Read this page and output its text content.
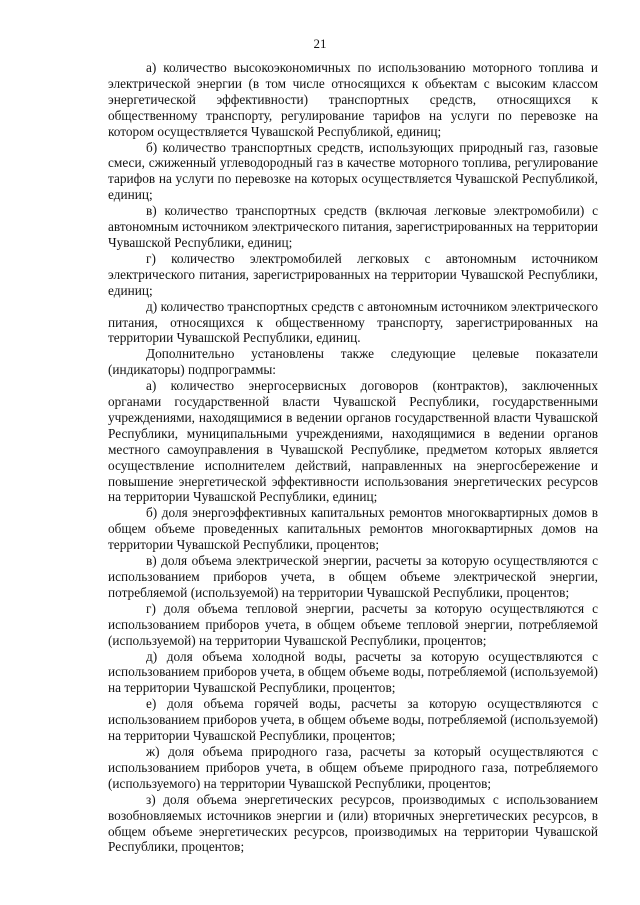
21

а) количество высокоэкономичных по использованию моторного топлива и электрической энергии (в том числе относящихся к объектам с высоким классом энергетической эффективности) транспортных средств, относящихся к общественному транспорту, регулирование тарифов на услуги по перевозке на котором осуществляется Чувашской Республикой, единиц;

б) количество транспортных средств, использующих природный газ, газовые смеси, сжиженный углеводородный газ в качестве моторного топлива, регулирование тарифов на услуги по перевозке на которых осуществляется Чувашской Республикой, единиц;

в) количество транспортных средств (включая легковые электромобили) с автономным источником электрического питания, зарегистрированных на территории Чувашской Республики, единиц;

г) количество электромобилей легковых с автономным источником электрического питания, зарегистрированных на территории Чувашской Республики, единиц;

д) количество транспортных средств с автономным источником электрического питания, относящихся к общественному транспорту, зарегистрированных на территории Чувашской Республики, единиц.

Дополнительно установлены также следующие целевые показатели (индикаторы) подпрограммы:

а) количество энергосервисных договоров (контрактов), заключенных органами государственной власти Чувашской Республики, государственными учреждениями, находящимися в ведении органов государственной власти Чувашской Республики, муниципальными учреждениями, находящимися в ведении органов местного самоуправления в Чувашской Республике, предметом которых является осуществление исполнителем действий, направленных на энергосбережение и повышение энергетической эффективности использования энергетических ресурсов на территории Чувашской Республики, единиц;

б) доля энергоэффективных капитальных ремонтов многоквартирных домов в общем объеме проведенных капитальных ремонтов многоквартирных домов на территории Чувашской Республики, процентов;

в) доля объема электрической энергии, расчеты за которую осуществляются с использованием приборов учета, в общем объеме электрической энергии, потребляемой (используемой) на территории Чувашской Республики, процентов;

г) доля объема тепловой энергии, расчеты за которую осуществляются с использованием приборов учета, в общем объеме тепловой энергии, потребляемой (используемой) на территории Чувашской Республики, процентов;

д) доля объема холодной воды, расчеты за которую осуществляются с использованием приборов учета, в общем объеме воды, потребляемой (используемой) на территории Чувашской Республики, процентов;

е) доля объема горячей воды, расчеты за которую осуществляются с использованием приборов учета, в общем объеме воды, потребляемой (используемой) на территории Чувашской Республики, процентов;

ж) доля объема природного газа, расчеты за который осуществляются с использованием приборов учета, в общем объеме природного газа, потребляемого (используемого) на территории Чувашской Республики, процентов;

з) доля объема энергетических ресурсов, производимых с использованием возобновляемых источников энергии и (или) вторичных энергетических ресурсов, в общем объеме энергетических ресурсов, производимых на территории Чувашской Республики, процентов;
